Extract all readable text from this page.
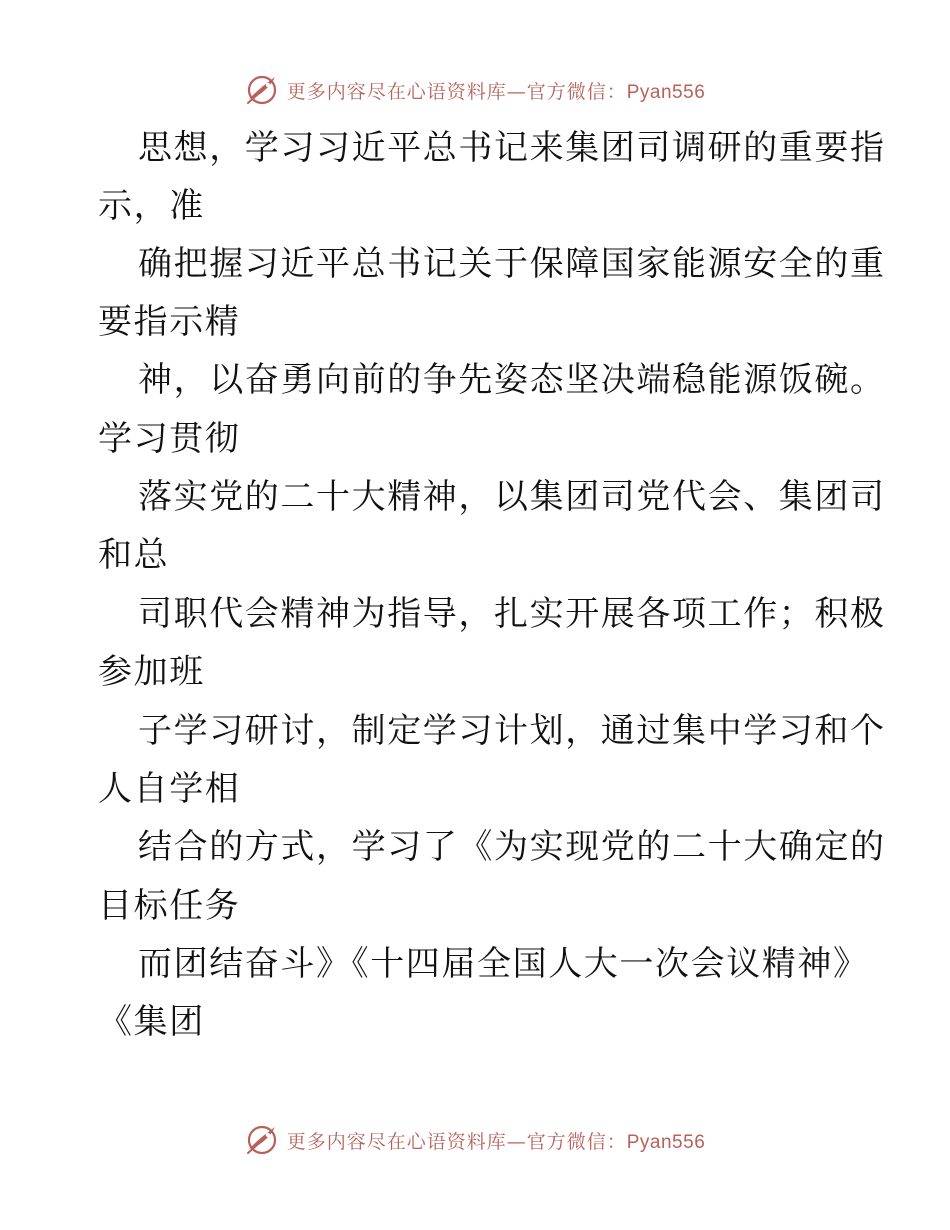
更多内容尽在心语资料库—官方微信：Pyan556
思想，学习习近平总书记来集团司调研的重要指
示，准
确把握习近平总书记关于保障国家能源安全的重
要指示精
神，以奋勇向前的争先姿态坚决端稳能源饭碗。
学习贯彻
落实党的二十大精神，以集团司党代会、集团司
和总
司职代会精神为指导，扎实开展各项工作；积极
参加班
子学习研讨，制定学习计划，通过集中学习和个
人自学相
结合的方式，学习了《为实现党的二十大确定的
目标任务
而团结奋斗》《十四届全国人大一次会议精神》
《集团
更多内容尽在心语资料库—官方微信：Pyan556
